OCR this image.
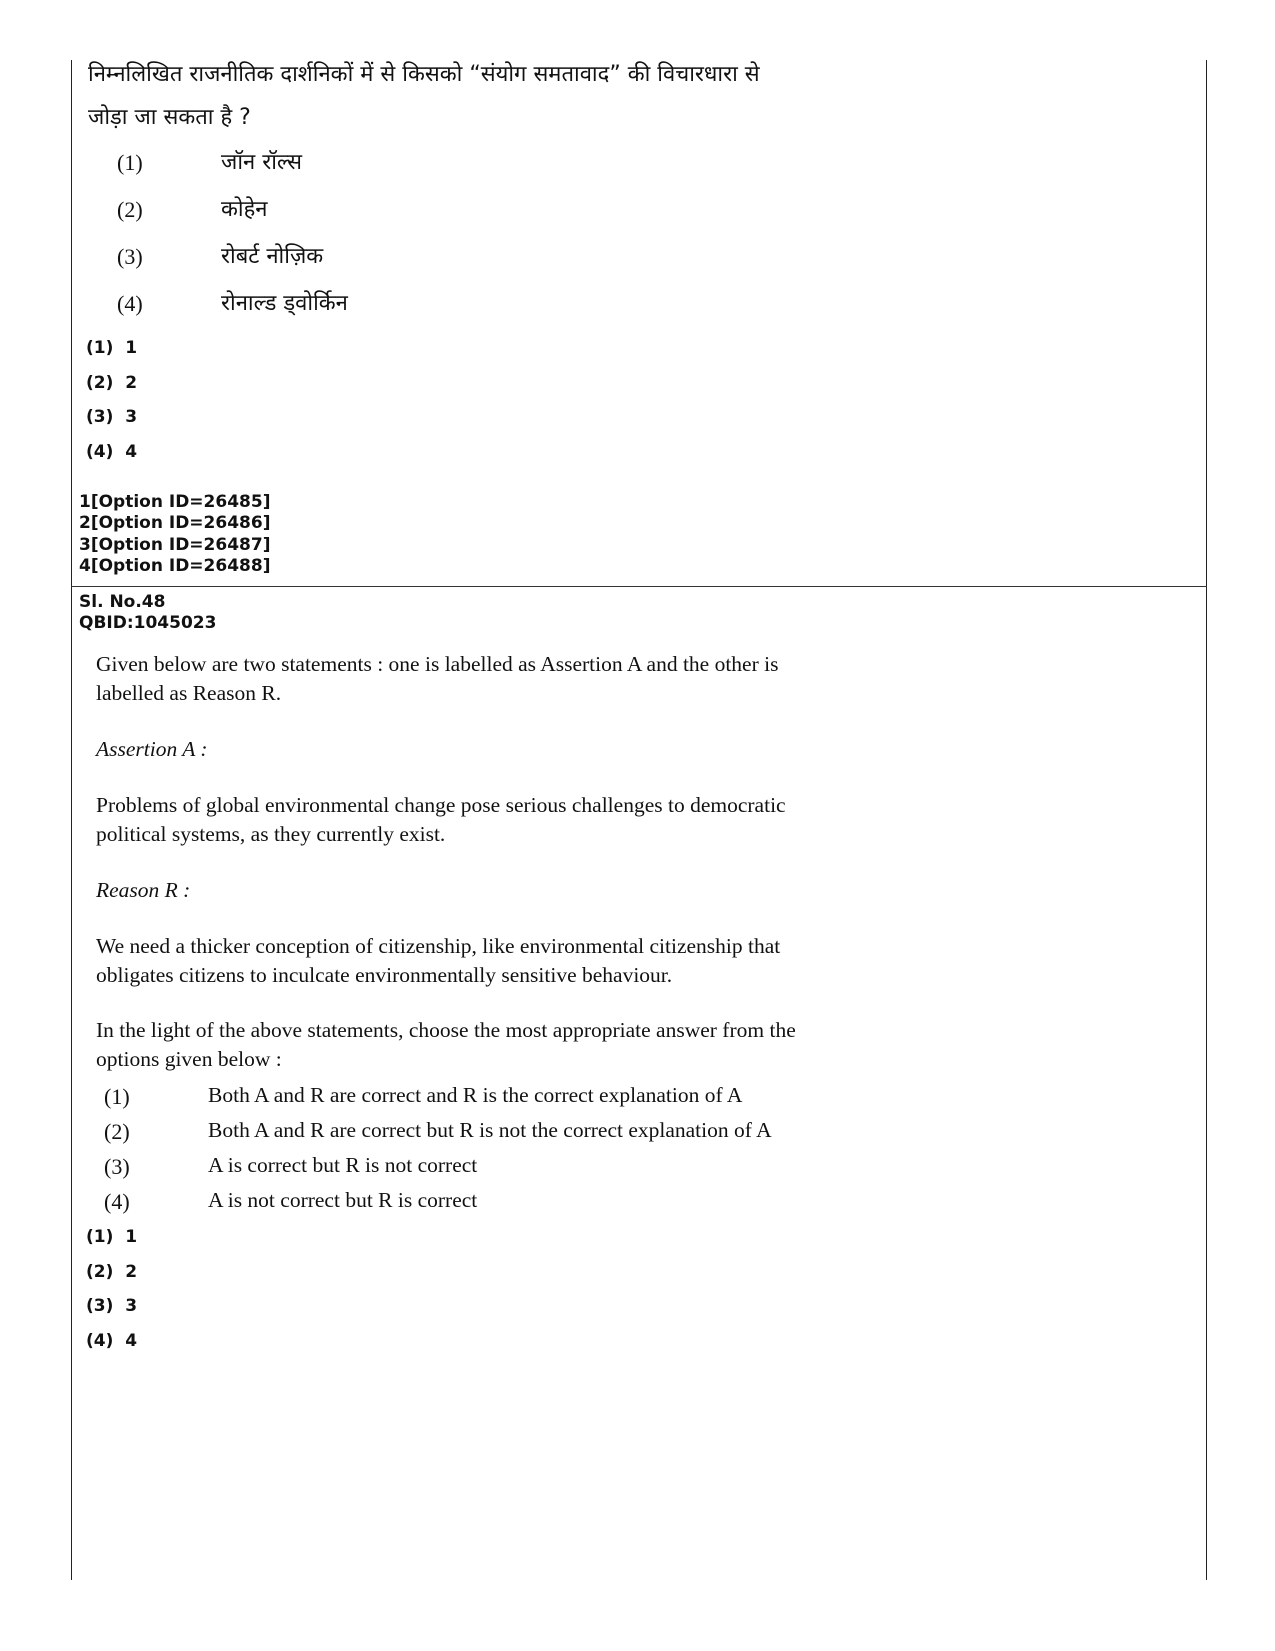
निम्नलिखित राजनीतिक दार्शनिकों में से किसको “संयोग समतावाद” की विचारधारा से
जोड़ा जा सकता है ?
(1)	जॉन रॉल्स
(2)	कोहेन
(3)	रोबर्ट नोज़िक
(4)	रोनाल्ड ड्वोर्किन
(1)  1
(2)  2
(3)  3
(4)  4
1[Option ID=26485]
2[Option ID=26486]
3[Option ID=26487]
4[Option ID=26488]
Sl. No.48
QBID:1045023
Given below are two statements : one is labelled as Assertion A and the other is
labelled as Reason R.
Assertion A :
Problems of global environmental change pose serious challenges to democratic
political systems, as they currently exist.
Reason R :
We need a thicker conception of citizenship, like environmental citizenship that
obligates citizens to inculcate environmentally sensitive behaviour.
In the light of the above statements, choose the most appropriate answer from the
options given below :
(1)	Both A and R are correct and R is the correct explanation of A
(2)	Both A and R are correct but R is not the correct explanation of A
(3)	A is correct but R is not correct
(4)	A is not correct but R is correct
(1)  1
(2)  2
(3)  3
(4)  4
